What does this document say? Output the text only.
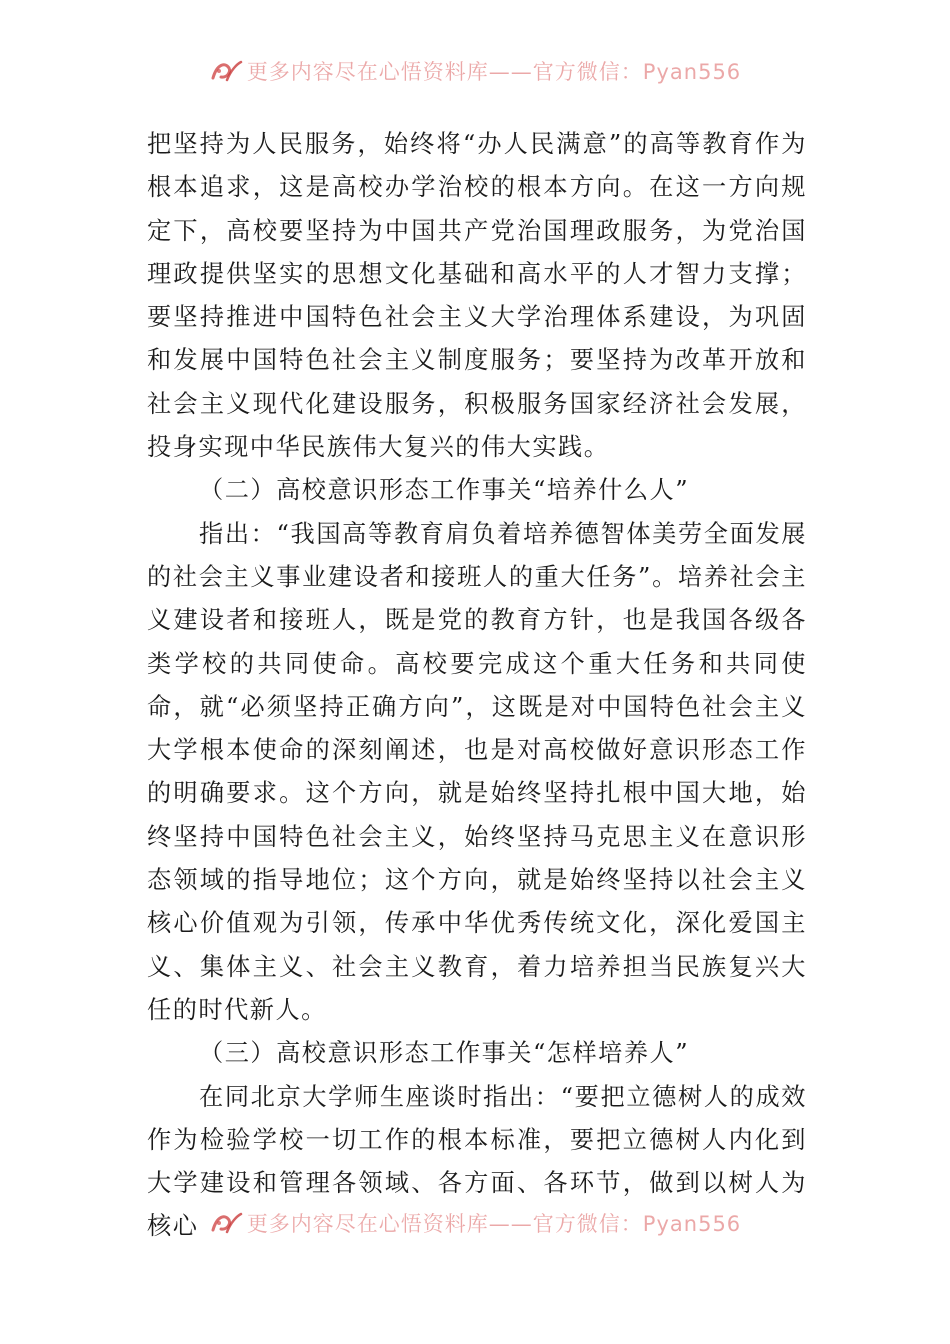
更多内容尽在心悟资料库——官方微信：Pyan556

把坚持为人民服务，始终将“办人民满意”的高等教育作为根本追求，这是高校办学治校的根本方向。在这一方向规定下，高校要坚持为中国共产党治国理政服务，为党治国理政提供坚实的思想文化基础和高水平的人才智力支撑；要坚持推进中国特色社会主义大学治理体系建设，为巩固和发展中国特色社会主义制度服务；要坚持为改革开放和社会主义现代化建设服务，积极服务国家经济社会发展，投身实现中华民族伟大复兴的伟大实践。

（二）高校意识形态工作事关“培养什么人”

指出：“我国高等教育肩负着培养德智体美劳全面发展的社会主义事业建设者和接班人的重大任务”。培养社会主义建设者和接班人，既是党的教育方针，也是我国各级各类学校的共同使命。高校要完成这个重大任务和共同使命，就“必须坚持正确方向”，这既是对中国特色社会主义大学根本使命的深刻阐述，也是对高校做好意识形态工作的明确要求。这个方向，就是始终坚持扎根中国大地，始终坚持中国特色社会主义，始终坚持马克思主义在意识形态领域的指导地位；这个方向，就是始终坚持以社会主义核心价值观为引领，传承中华优秀传统文化，深化爱国主义、集体主义、社会主义教育，着力培养担当民族复兴大任的时代新人。

（三）高校意识形态工作事关“怎样培养人”

在同北京大学师生座谈时指出：“要把立德树人的成效作为检验学校一切工作的根本标准，要把立德树人内化到大学建设和管理各领域、各方面、各环节，做到以树人为核心	更多内容尽在心悟资料库——官方微信：Pyan556
